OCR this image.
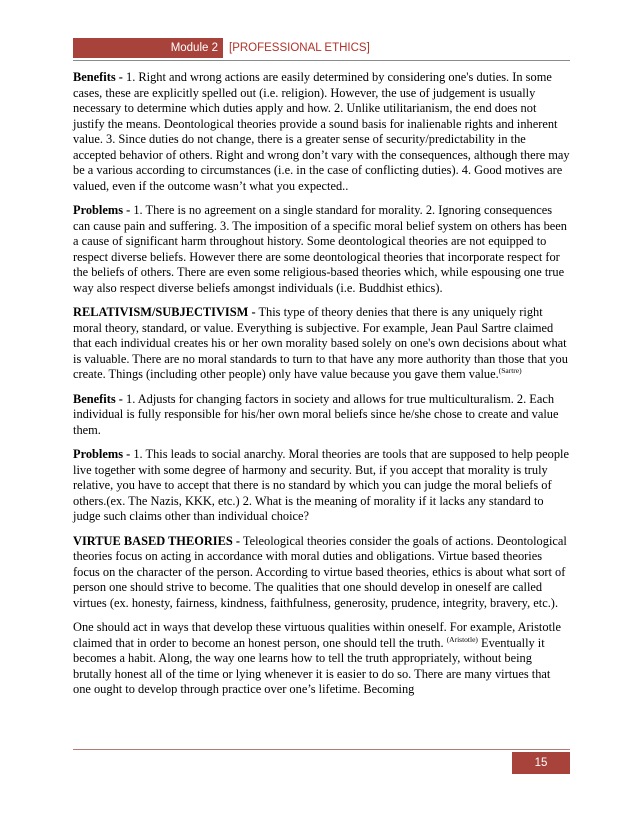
Module 2 [PROFESSIONAL ETHICS]

Benefits - 1. Right and wrong actions are easily determined by considering one's duties. In some cases, these are explicitly spelled out (i.e. religion). However, the use of judgement is usually necessary to determine which duties apply and how. 2. Unlike utilitarianism, the end does not justify the means. Deontological theories provide a sound basis for inalienable rights and inherent value. 3. Since duties do not change, there is a greater sense of security/predictability in the accepted behavior of others. Right and wrong don’t vary with the consequences, although there may be a various according to circumstances (i.e. in the case of conflicting duties). 4. Good motives are valued, even if the outcome wasn’t what you expected..

Problems - 1. There is no agreement on a single standard for morality. 2. Ignoring consequences can cause pain and suffering. 3. The imposition of a specific moral belief system on others has been a cause of significant harm throughout history. Some deontological theories are not equipped to respect diverse beliefs. However there are some deontological theories that incorporate respect for the beliefs of others. There are even some religious-based theories which, while espousing one true way also respect diverse beliefs amongst individuals (i.e. Buddhist ethics).

RELATIVISM/SUBJECTIVISM - This type of theory denies that there is any uniquely right moral theory, standard, or value. Everything is subjective. For example, Jean Paul Sartre claimed that each individual creates his or her own morality based solely on one's own decisions about what is valuable. There are no moral standards to turn to that have any more authority than those that you create. Things (including other people) only have value because you gave them value.$^{(Sartre)}$

Benefits - 1. Adjusts for changing factors in society and allows for true multiculturalism. 2. Each individual is fully responsible for his/her own moral beliefs since he/she chose to create and value them.

Problems - 1. This leads to social anarchy. Moral theories are tools that are supposed to help people live together with some degree of harmony and security. But, if you accept that morality is truly relative, you have to accept that there is no standard by which you can judge the moral beliefs of others.(ex. The Nazis, KKK, etc.) 2. What is the meaning of morality if it lacks any standard to judge such claims other than individual choice?

VIRTUE BASED THEORIES - Teleological theories consider the goals of actions. Deontological theories focus on acting in accordance with moral duties and obligations. Virtue based theories focus on the character of the person. According to virtue based theories, ethics is about what sort of person one should strive to become. The qualities that one should develop in oneself are called virtues (ex. honesty, fairness, kindness, faithfulness, generosity, prudence, integrity, bravery, etc.).

One should act in ways that develop these virtuous qualities within oneself. For example, Aristotle claimed that in order to become an honest person, one should tell the truth. $^{(Aristotle)}$ Eventually it becomes a habit. Along, the way one learns how to tell the truth appropriately, without being brutally honest all of the time or lying whenever it is easier to do so. There are many virtues that one ought to develop through practice over one’s lifetime. Becoming

15
